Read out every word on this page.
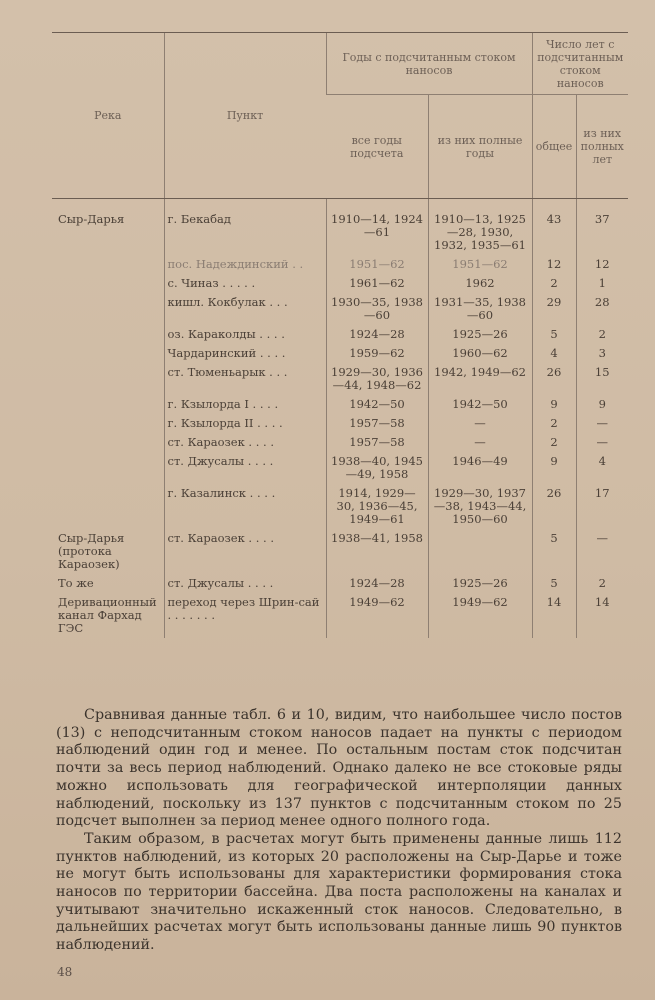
Река	Пункт	Годы с подсчитанным стоком наносов		Число лет с подсчитанным стоком наносов	
		все годы подсчета	из них полные годы	общее	из них полных лет
Сыр-Дарья	г. Бекабад	1910—14, 1924—61	1910—13, 1925—28, 1930, 1932, 1935—61	43	37
	пос. Надеждинский . .	1951—62	1951—62	12	12
	с. Чиназ . . . . .	1961—62	1962	2	1
	кишл. Кокбулак . . .	1930—35, 1938—60	1931—35, 1938—60	29	28
	оз. Караколды . . . .	1924—28	1925—26	5	2
	Чардаринский . . . .	1959—62	1960—62	4	3
	ст. Тюменьарык . . .	1929—30, 1936—44, 1948—62	1942, 1949—62	26	15
	г. Кзылорда I . . . .	1942—50	1942—50	9	9
	г. Кзылорда II . . . .	1957—58	—	2	—
	ст. Караозек . . . .	1957—58	—	2	—
	ст. Джусалы . . . .	1938—40, 1945—49, 1958	1946—49	9	4
	г. Казалинск . . . .	1914, 1929—30, 1936—45, 1949—61	1929—30, 1937—38, 1943—44, 1950—60	26	17
Сыр-Дарья (протока Караозек)	ст. Караозек . . . .	1938—41, 1958		5	—
То же	ст. Джусалы . . . .	1924—28	1925—26	5	2
Деривационный канал Фархад ГЭС	переход через Шрин-сай . . . . . . .	1949—62	1949—62	14	14

Сравнивая данные табл. 6 и 10, видим, что наибольшее число постов (13) с неподсчитанным стоком наносов падает на пункты с периодом наблюдений один год и менее. По остальным постам сток подсчитан почти за весь период наблюдений. Однако далеко не все стоковые ряды можно использовать для географической интерполяции данных наблюдений, поскольку из 137 пунктов с подсчитанным стоком по 25 подсчет выполнен за период менее одного полного года.

Таким образом, в расчетах могут быть применены данные лишь 112 пунктов наблюдений, из которых 20 расположены на Сыр-Дарье и тоже не могут быть использованы для характеристики формирования стока наносов по территории бассейна. Два поста расположены на каналах и учитывают значительно искаженный сток наносов. Следовательно, в дальнейших расчетах могут быть использованы данные лишь 90 пунктов наблюдений.

48
